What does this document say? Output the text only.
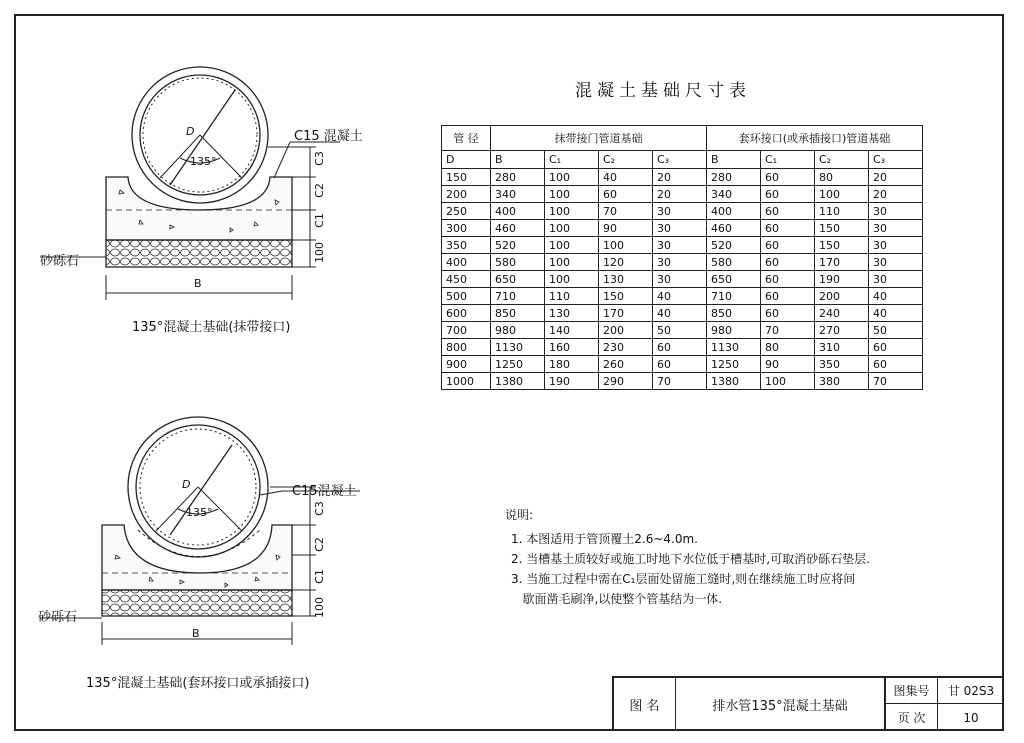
C15 混凝土
135°
D
C3
C2
C1
100
砂砾石
B
135°混凝土基础(抹带接口)
C15混凝土
135°
D
C3
C2
C1
100
砂砾石
B
135°混凝土基础(套环接口或承插接口)
混凝土基础尺寸表
管 径	抹带接门管道基础				套环接口(或承插接口)管道基础			
D	B	C₁	C₂	C₃	B	C₁	C₂	C₃
150	280	100	40	20	280	60	80	20
200	340	100	60	20	340	60	100	20
250	400	100	70	30	400	60	110	30
300	460	100	90	30	460	60	150	30
350	520	100	100	30	520	60	150	30
400	580	100	120	30	580	60	170	30
450	650	100	130	30	650	60	190	30
500	710	110	150	40	710	60	200	40
600	850	130	170	40	850	60	240	40
700	980	140	200	50	980	70	270	50
800	1130	160	230	60	1130	80	310	60
900	1250	180	260	60	1250	90	350	60
1000	1380	190	290	70	1380	100	380	70
说明:
1. 本图适用于管顶覆土2.6~4.0m.
2. 当槽基土质较好或施工时地下水位低于槽基时,可取消砂砾石垫层.
3. 当施工过程中需在C₁层面处留施工缝时,则在继续施工时应将间
歇面凿毛刷净,以使整个管基结为一体.
图 名	排水管135°混凝土基础
图集号	甘 02S3
页 次	10
